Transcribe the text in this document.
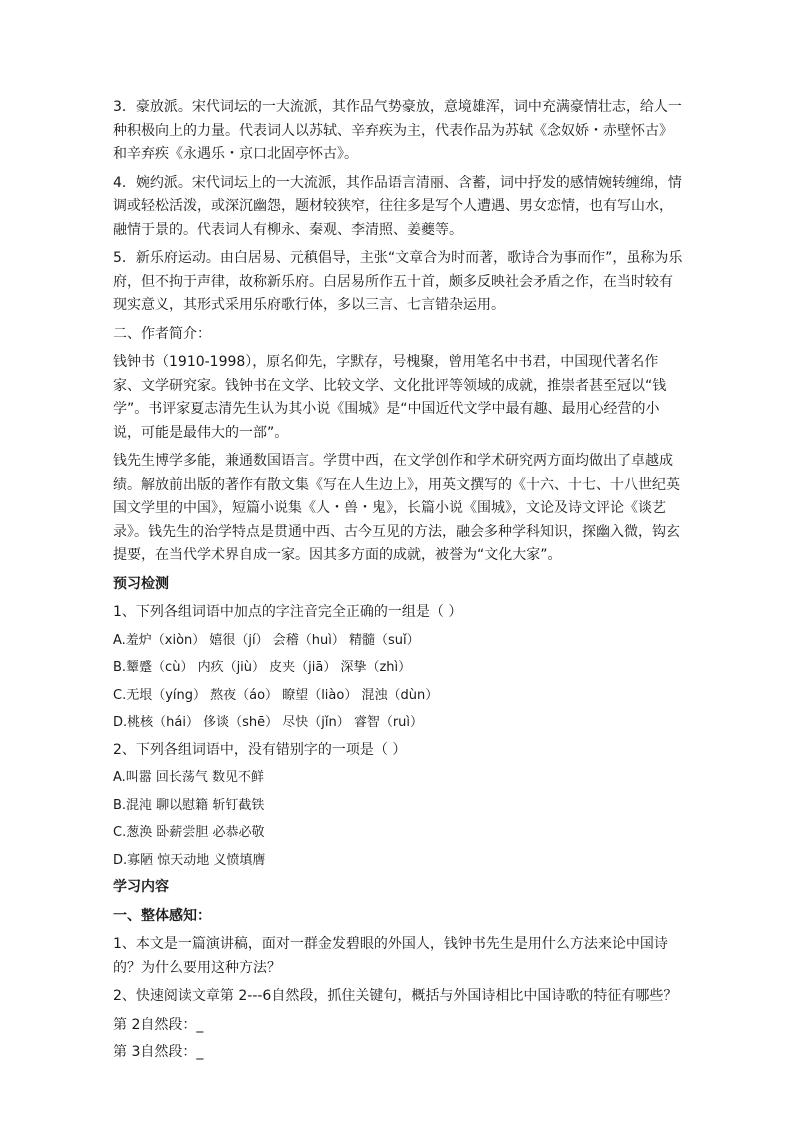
3．豪放派。宋代词坛的一大流派，其作品气势豪放，意境雄浑，词中充满豪情壮志，给人一种积极向上的力量。代表词人以苏轼、辛弃疾为主，代表作品为苏轼《念奴娇・赤壁怀古》和辛弃疾《永遇乐・京口北固亭怀古》。

4．婉约派。宋代词坛上的一大流派，其作品语言清丽、含蓄，词中抒发的感情婉转缠绵，情调或轻松活泼，或深沉幽怨，题材较狭窄，往往多是写个人遭遇、男女恋情，也有写山水，融情于景的。代表词人有柳永、秦观、李清照、姜夔等。

5．新乐府运动。由白居易、元稹倡导，主张“文章合为时而著，歌诗合为事而作”，虽称为乐府，但不拘于声律，故称新乐府。白居易所作五十首，颇多反映社会矛盾之作，在当时较有现实意义，其形式采用乐府歌行体，多以三言、七言错杂运用。

二、作者简介：

钱钟书（1910-1998），原名仰先，字默存，号槐聚，曾用笔名中书君，中国现代著名作家、文学研究家。钱钟书在文学、比较文学、文化批评等领域的成就，推崇者甚至冠以“钱学”。书评家夏志清先生认为其小说《围城》是“中国近代文学中最有趣、最用心经营的小说，可能是最伟大的一部”。

钱先生博学多能，兼通数国语言。学贯中西，在文学创作和学术研究两方面均做出了卓越成绩。解放前出版的著作有散文集《写在人生边上》，用英文撰写的《十六、十七、十八世纪英国文学里的中国》，短篇小说集《人・兽・鬼》，长篇小说《围城》，文论及诗文评论《谈艺录》。钱先生的治学特点是贯通中西、古今互见的方法，融会多种学科知识，探幽入微，钩玄提要，在当代学术界自成一家。因其多方面的成就，被誉为“文化大家”。

预习检测

1、下列各组词语中加点的字注音完全正确的一组是（ ）

A.羞炉（xiòn） 嬉很（jí） 会稽（huì） 精髓（suǐ）

B.颦蹙（cù） 内疚（jiù） 皮夹（jiā） 深挚（zhì）

C.无垠（yíng） 熬夜（áo） 瞭望（liào） 混浊（dùn）

D.桃核（hái） 侈谈（shē） 尽快（jǐn） 睿智（ruì）

2、下列各组词语中，没有错别字的一项是（ ）

A.叫嚣 回长荡气 数见不鲜

B.混沌 聊以慰籍 斩钉截铁

C.葱涣 卧薪尝胆 必恭必敬

D.寡陋 惊天动地 义愤填膺

学习内容

一、整体感知：

1、本文是一篇演讲稿，面对一群金发碧眼的外国人，钱钟书先生是用什么方法来论中国诗的？为什么要用这种方法？

2、快速阅读文章第 2---6自然段，抓住关键句，概括与外国诗相比中国诗歌的特征有哪些？

第 2自然段：_

第 3自然段：_
